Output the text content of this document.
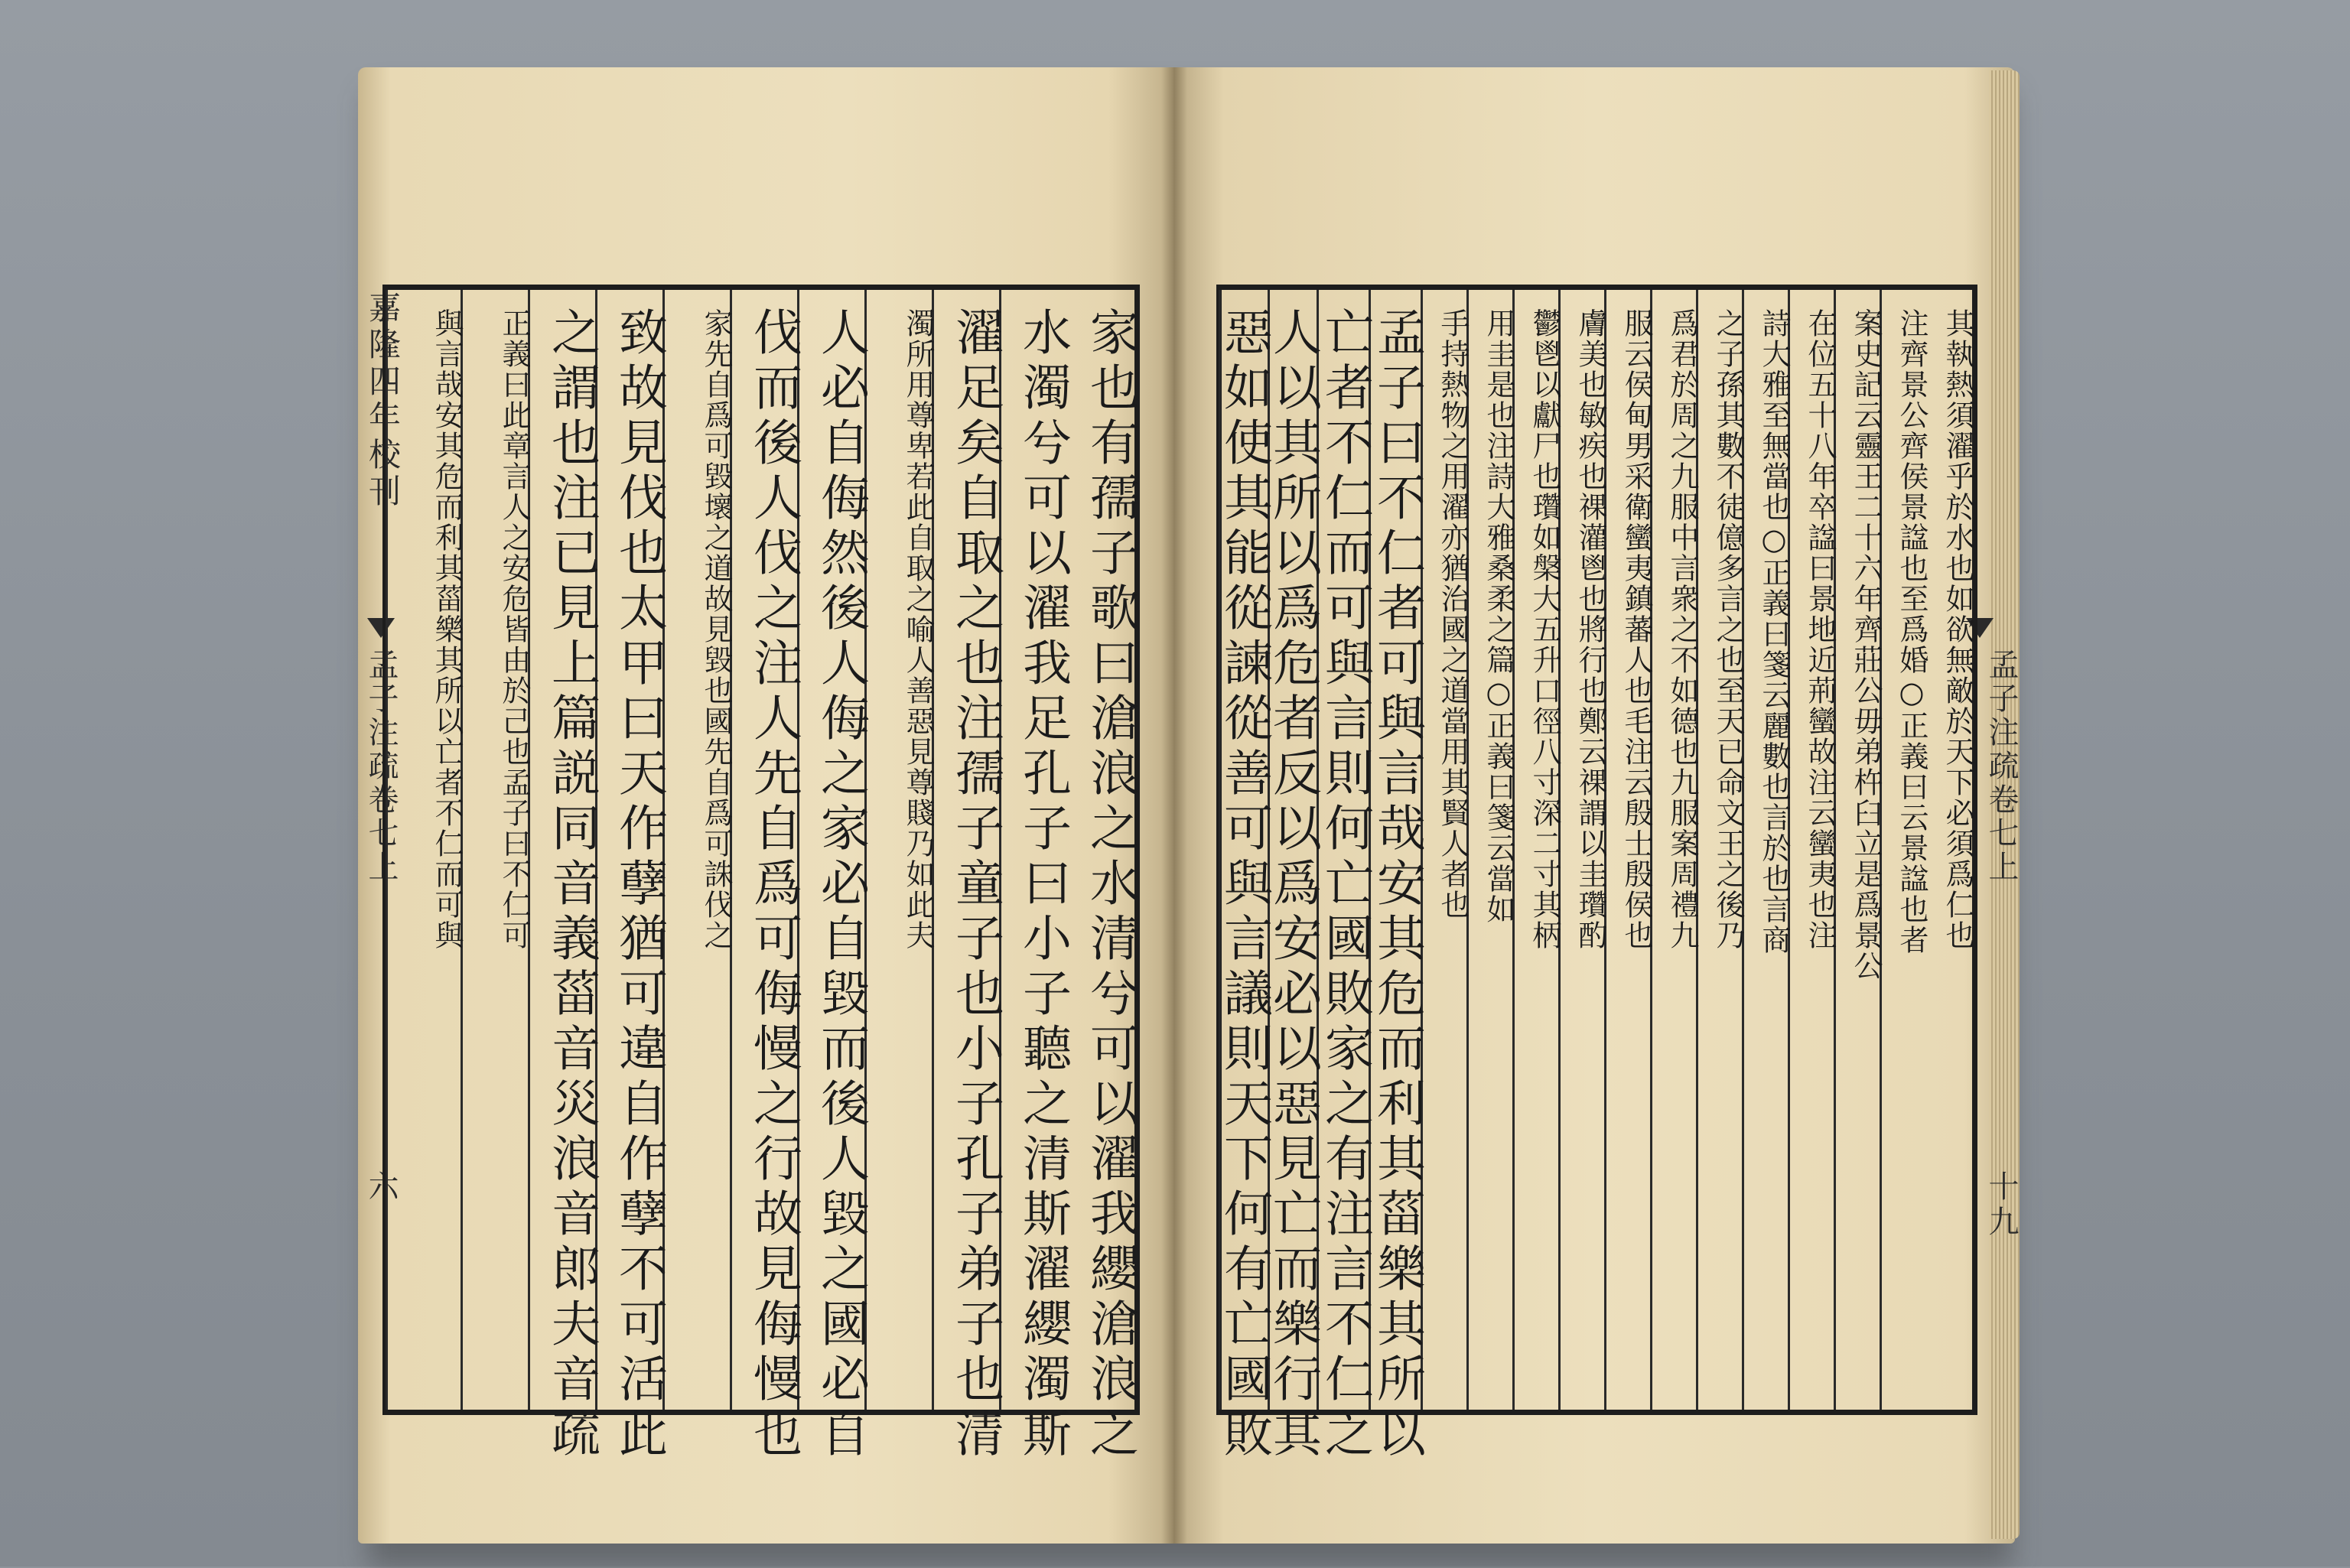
嘉隆四年校刊
孟子注疏卷七上
六	家也有孺子歌曰滄浪之水清兮可以濯我纓滄浪之
水濁兮可以濯我足孔子曰小子聽之清斯濯纓濁斯
濯足矣自取之也注孺子童子也小子孔子弟子也清
濁所用尊卑若此自取之喻人善惡見尊賤乃如此夫
人必自侮然後人侮之家必自毀而後人毀之國必自
伐而後人伐之注人先自爲可侮慢之行故見侮慢也
家先自爲可毀壞之道故見毀也國先自爲可誅伐之
致故見伐也太甲曰天作孽猶可違自作孽不可活此
之謂也注已見上篇説同音義菑音災浪音郎夫音疏
正義曰此章言人之安危皆由於己也孟子曰不仁可
與言哉安其危而利其菑樂其所以亡者不仁而可與	孟子注疏卷七上
十九
其執熱須濯乎於水也如欲無敵於天下必須爲仁也
注齊景公齊侯景諡也至爲婚○正義曰云景諡也者
案史記云靈王二十六年齊莊公毋弟杵臼立是爲景公
在位五十八年卒諡曰景地近荊蠻故注云蠻夷也注
詩大雅至無當也○正義曰箋云麗數也言於也言商
之子孫其數不徒億多言之也至天已命文王之後乃
爲君於周之九服中言衆之不如德也九服案周禮九
服云侯甸男采衛蠻夷鎮蕃人也毛注云殷士殷侯也
膚美也敏疾也祼灌鬯也將行也鄭云祼謂以圭瓚酌
鬱鬯以獻尸也瓚如槃大五升口徑八寸深二寸其柄
用圭是也注詩大雅桑柔之篇○正義曰箋云當如
手持熱物之用濯亦猶治國之道當用其賢人者也
孟子曰不仁者可與言哉安其危而利其菑樂其所以
亡者不仁而可與言則何亡國敗家之有注言不仁之
人以其所以爲危者反以爲安必以惡見亡而樂行其
惡如使其能從諫從善可與言議則天下何有亡國敗
